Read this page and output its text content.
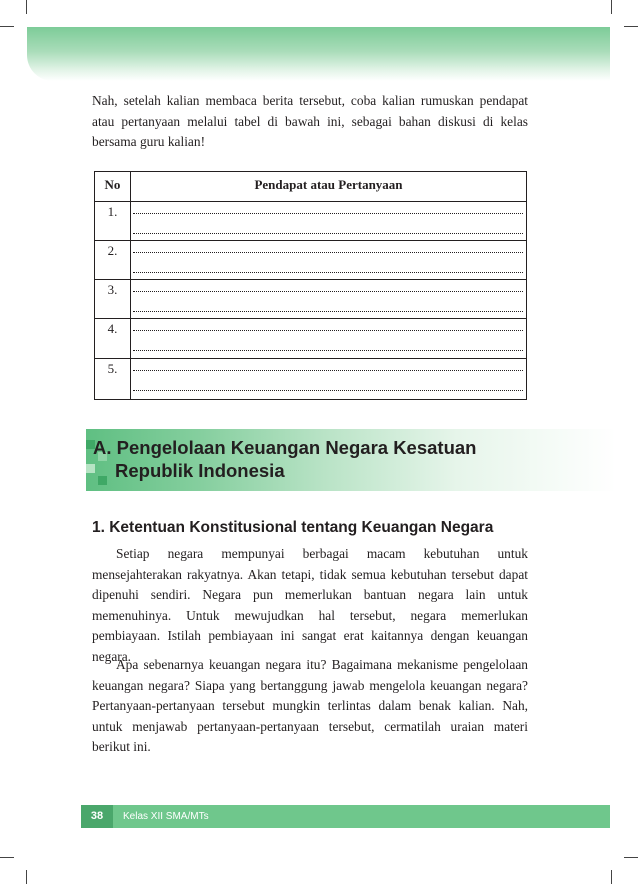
Nah, setelah kalian membaca berita tersebut, coba kalian rumuskan pendapat atau pertanyaan melalui tabel di bawah ini, sebagai bahan diskusi di kelas bersama guru kalian!

No	Pendapat atau Pertanyaan
1.
2.
3.
4.
5.
A. Pengelolaan Keuangan Negara Kesatuan
Republik Indonesia
1. Ketentuan Konstitusional tentang Keuangan Negara

Setiap negara mempunyai berbagai macam kebutuhan untuk mensejahterakan rakyatnya. Akan tetapi, tidak semua kebutuhan tersebut dapat dipenuhi sendiri. Negara pun memerlukan bantuan negara lain untuk memenuhinya. Untuk mewujudkan hal tersebut, negara memerlukan pembiayaan. Istilah pembiayaan ini sangat erat kaitannya dengan keuangan negara.

Apa sebenarnya keuangan negara itu? Bagaimana mekanisme pengelolaan keuangan negara? Siapa yang bertanggung jawab mengelola keuangan negara? Pertanyaan-pertanyaan tersebut mungkin terlintas dalam benak kalian. Nah, untuk menjawab pertanyaan-pertanyaan tersebut, cermatilah uraian materi berikut ini.

38	Kelas XII SMA/MTs
